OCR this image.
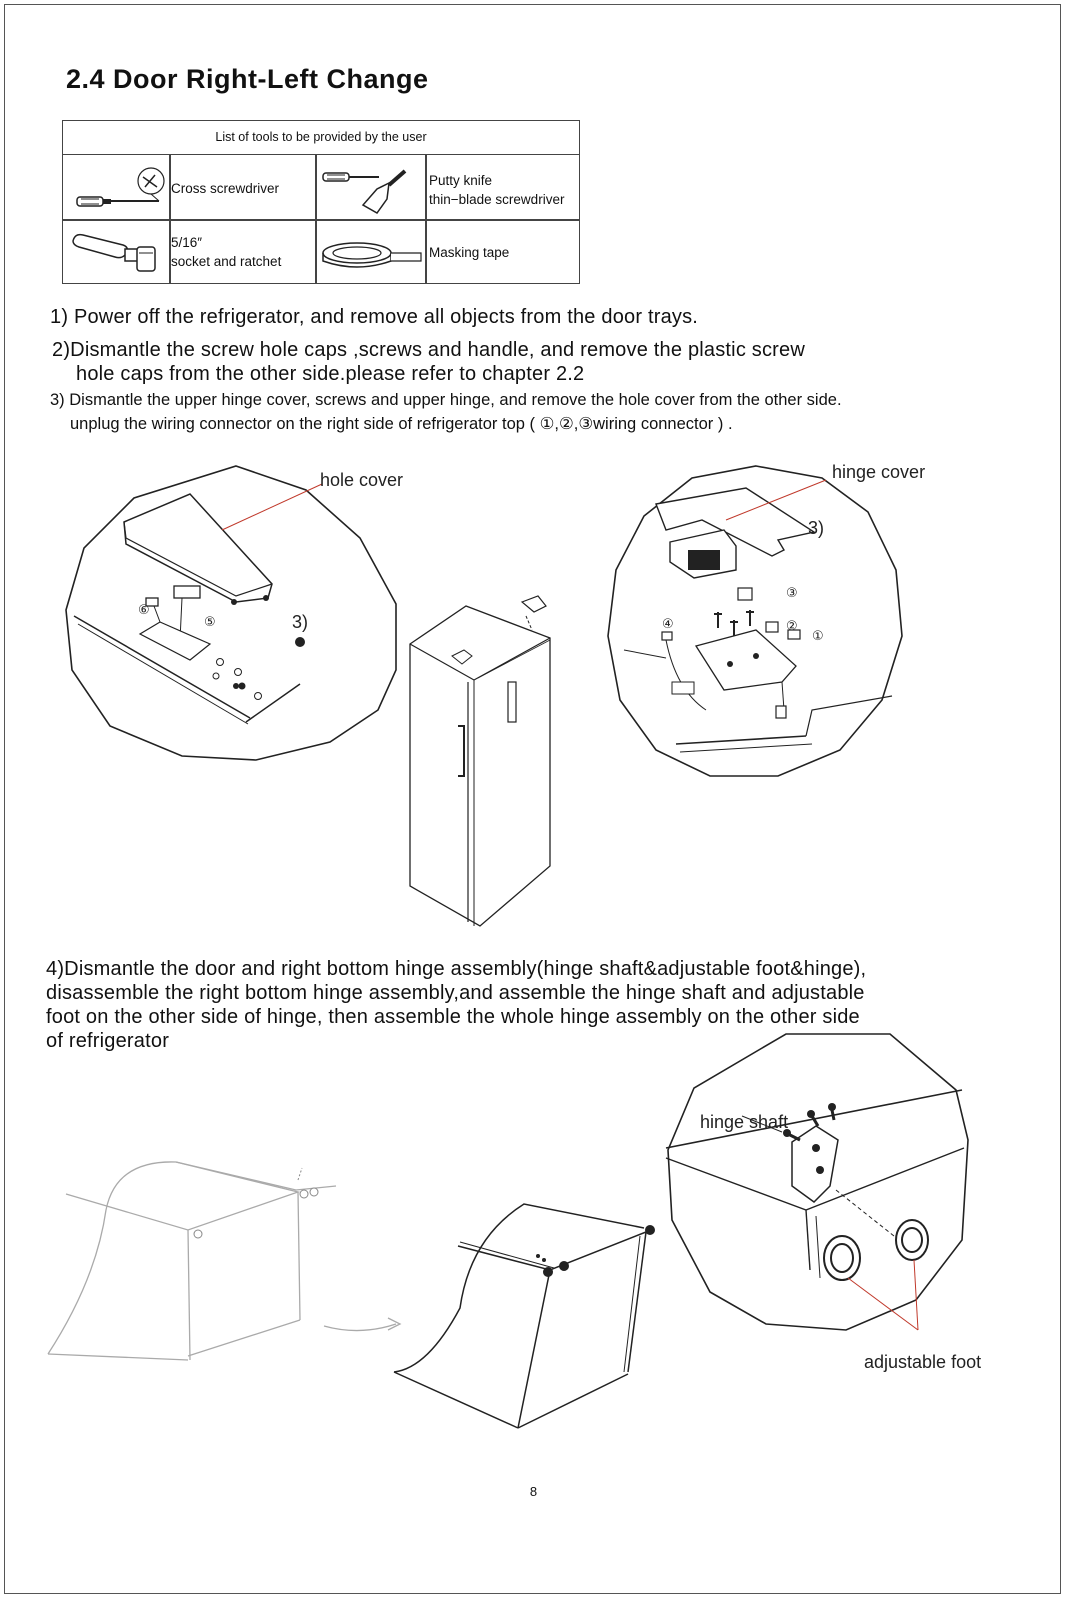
2.4 Door Right-Left Change
List of tools to be provided by the user
Cross screwdriver
Putty knife
thin−blade screwdriver
5/16″
socket and ratchet
Masking tape

1) Power off the refrigerator, and remove all objects from the door trays.

2)Dismantle the screw hole caps ,screws and handle, and remove the plastic screw

hole caps from the other side.please refer to chapter 2.2

3) Dismantle the upper hinge cover, screws and upper hinge, and remove the hole cover from the other side.

unplug the wiring connector on the right side of refrigerator top ( ①,②,③wiring connector ) .

hole cover
⑥
⑤	3)
hinge cover
3)
③
②
①
④

4)Dismantle the door and right bottom hinge assembly(hinge shaft&adjustable foot&hinge),

disassemble the right bottom hinge assembly,and assemble the hinge shaft and adjustable

foot on the other side of hinge, then assemble the whole hinge assembly on the other side

of refrigerator

hinge shaft
adjustable foot
8
